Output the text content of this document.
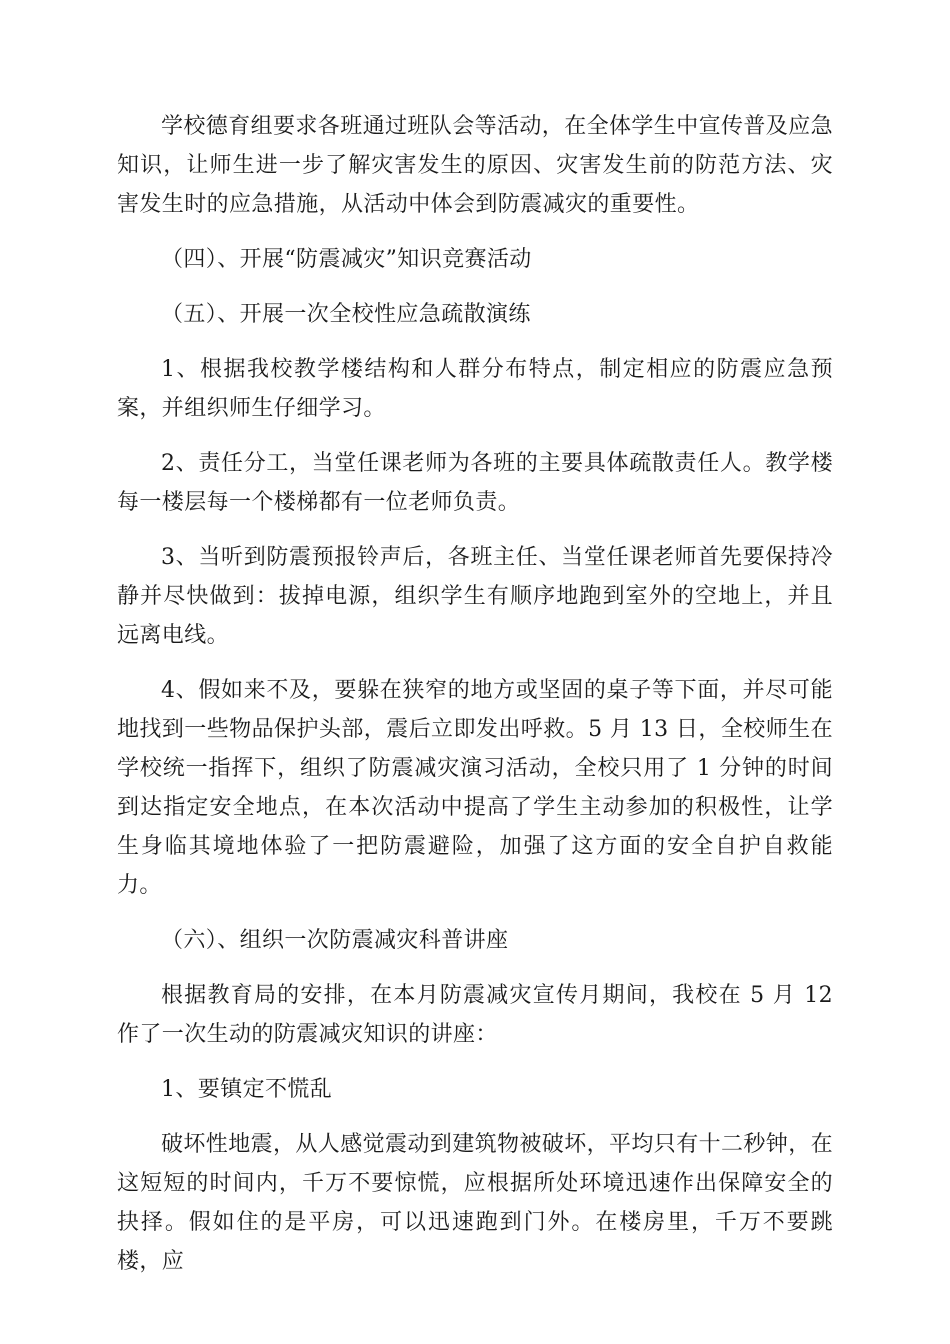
学校德育组要求各班通过班队会等活动，在全体学生中宣传普及应急知识，让师生进一步了解灾害发生的原因、灾害发生前的防范方法、灾害发生时的应急措施，从活动中体会到防震减灾的重要性。

（四）、开展“防震减灾”知识竞赛活动

（五）、开展一次全校性应急疏散演练

1、根据我校教学楼结构和人群分布特点，制定相应的防震应急预案，并组织师生仔细学习。

2、责任分工，当堂任课老师为各班的主要具体疏散责任人。教学楼每一楼层每一个楼梯都有一位老师负责。

3、当听到防震预报铃声后，各班主任、当堂任课老师首先要保持冷静并尽快做到：拔掉电源，组织学生有顺序地跑到室外的空地上，并且远离电线。

4、假如来不及，要躲在狭窄的地方或坚固的桌子等下面，并尽可能地找到一些物品保护头部，震后立即发出呼救。5 月 13 日，全校师生在学校统一指挥下，组织了防震减灾演习活动，全校只用了 1 分钟的时间到达指定安全地点，在本次活动中提高了学生主动参加的积极性，让学生身临其境地体验了一把防震避险，加强了这方面的安全自护自救能力。

（六）、组织一次防震减灾科普讲座

根据教育局的安排，在本月防震减灾宣传月期间，我校在 5 月 12 作了一次生动的防震减灾知识的讲座：

1、要镇定不慌乱

破坏性地震，从人感觉震动到建筑物被破坏，平均只有十二秒钟，在这短短的时间内，千万不要惊慌，应根据所处环境迅速作出保障安全的抉择。假如住的是平房，可以迅速跑到门外。在楼房里，千万不要跳楼，应
